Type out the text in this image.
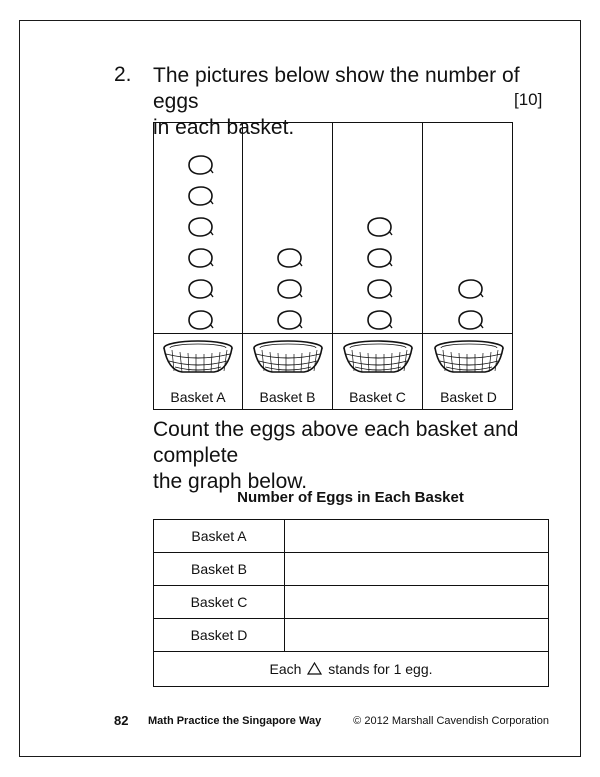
2. The pictures below show the number of eggs
in each basket.
[10]
Basket A	Basket B	Basket C	Basket D
Count the eggs above each basket and complete
the graph below.
Number of Eggs in Each Basket
Basket A	
Basket B	
Basket C	
Basket D	
Each stands for 1 egg.	
82 Math Practice the Singapore Way	© 2012 Marshall Cavendish Corporation
